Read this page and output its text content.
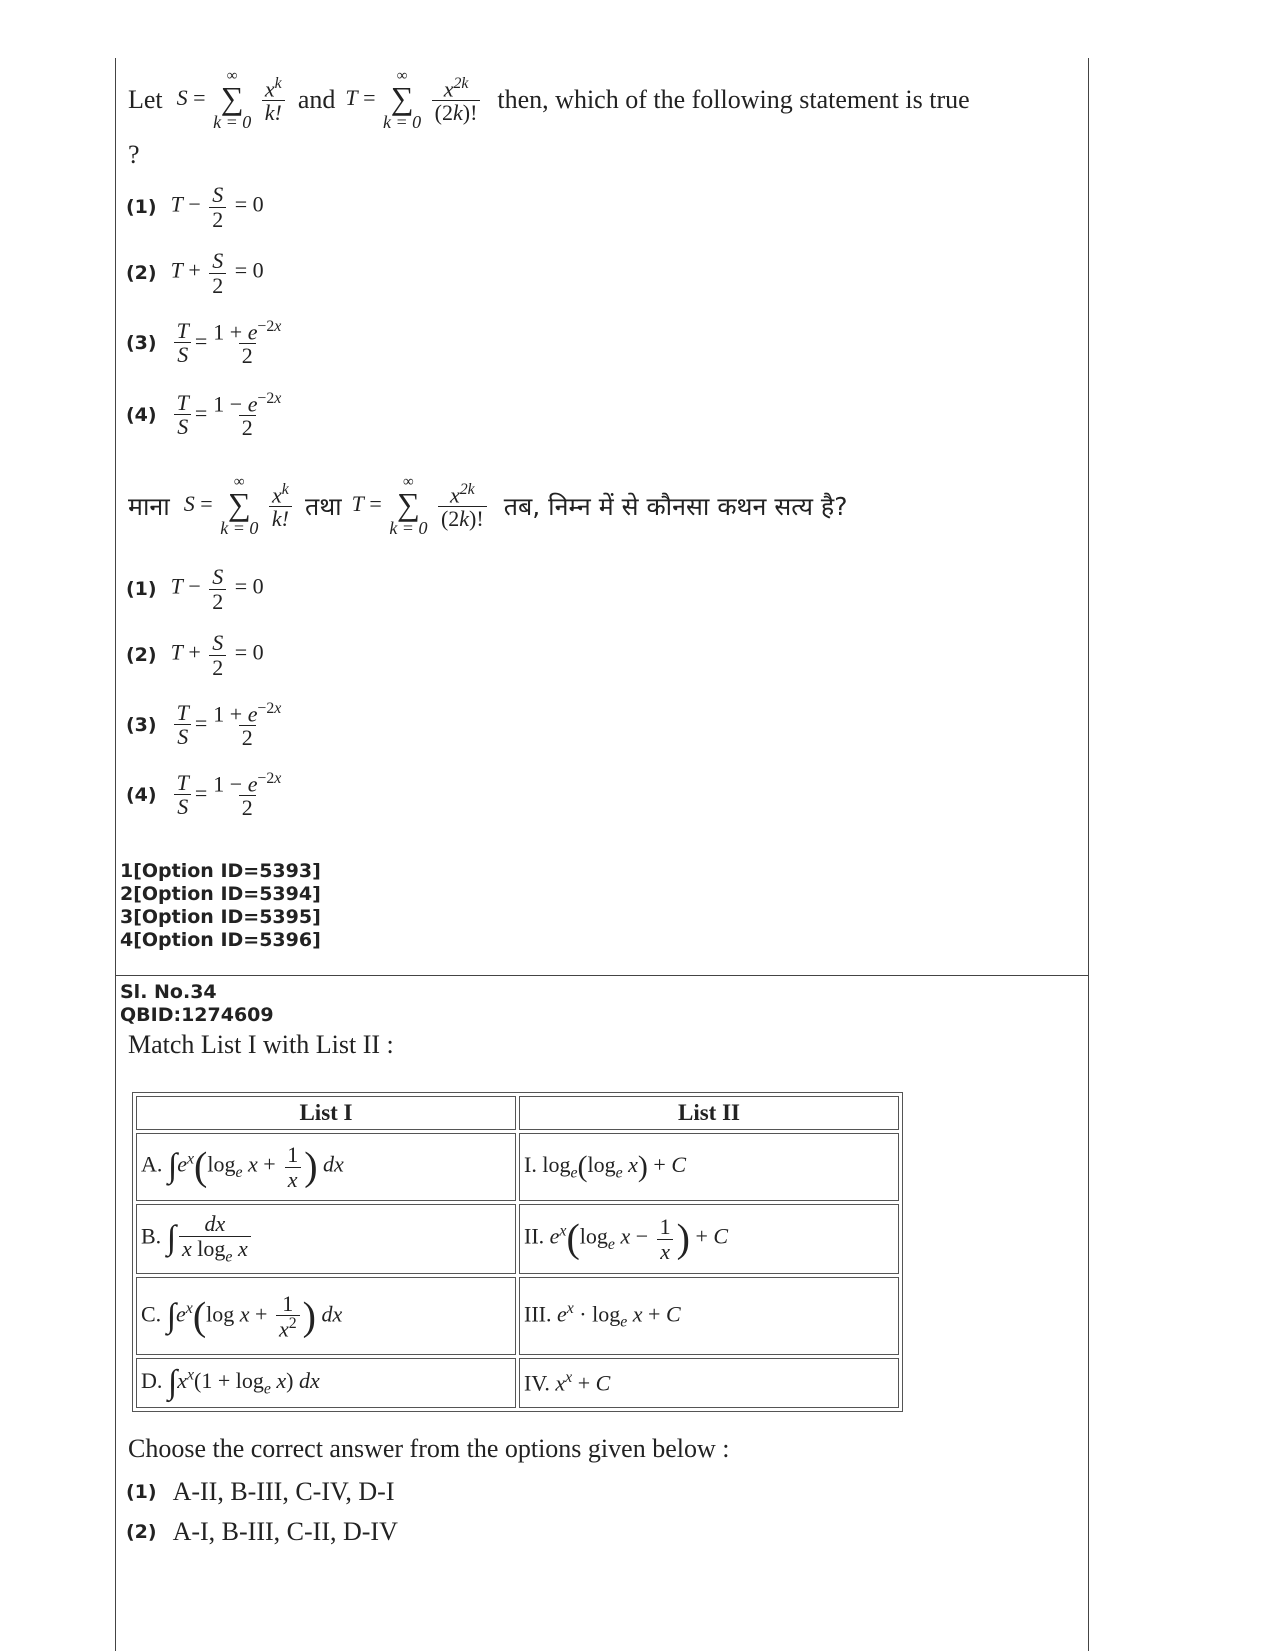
Let S =
∞
∑
k = 0
$\frac{x^k}{k!}$ and T =
∞
∑
k = 0
$\frac{x^{2k}}{(2k)!}$ then, which of the following statement is true
?
(1) $T - \frac{S}{2} = 0$
(2) $T + \frac{S}{2} = 0$
$(3) \frac{T}{S} = \frac{1 + e^{-2x}}{2}$
$(4) \frac{T}{S} = \frac{1 - e^{-2x}}{2}$
माना S =
∞
∑
k = 0
$\frac{x^k}{k!}$ तथा T =
∞
∑
k = 0
$\frac{x^{2k}}{(2k)!}$ तब, निम्न में से कौनसा कथन सत्य है?
(1) $T - \frac{S}{2} = 0$
(2) $T + \frac{S}{2} = 0$
$(3) \frac{T}{S} = \frac{1 + e^{-2x}}{2}$
$(4) \frac{T}{S} = \frac{1 - e^{-2x}}{2}$
1[Option ID=5393]
2[Option ID=5394]
3[Option ID=5395]
4[Option ID=5396]
Sl. No.34
QBID:1274609
Match List I with List II :
List I	List II
A. $\int e^x(\log_e$ $x + \frac{1}{x}$ ) dx	I. $\log_e(\log_e$ x) + C
B. ∫ $\frac{dx}{x \log_e x}$	II. $e^x(\log_e$ $x - \frac{1}{x}$ ) + C
C. $\int e^x(\log$ $x + \frac{1}{x^2}$ ) dx	III. $e^x \cdot \log_e x + C$
D. $\int x^x(1 + \log_e x)$ dx	IV. $x^x + C$
Choose the correct answer from the options given below :
(1) A-II, B-III, C-IV, D-I
(2) A-I, B-III, C-II, D-IV
